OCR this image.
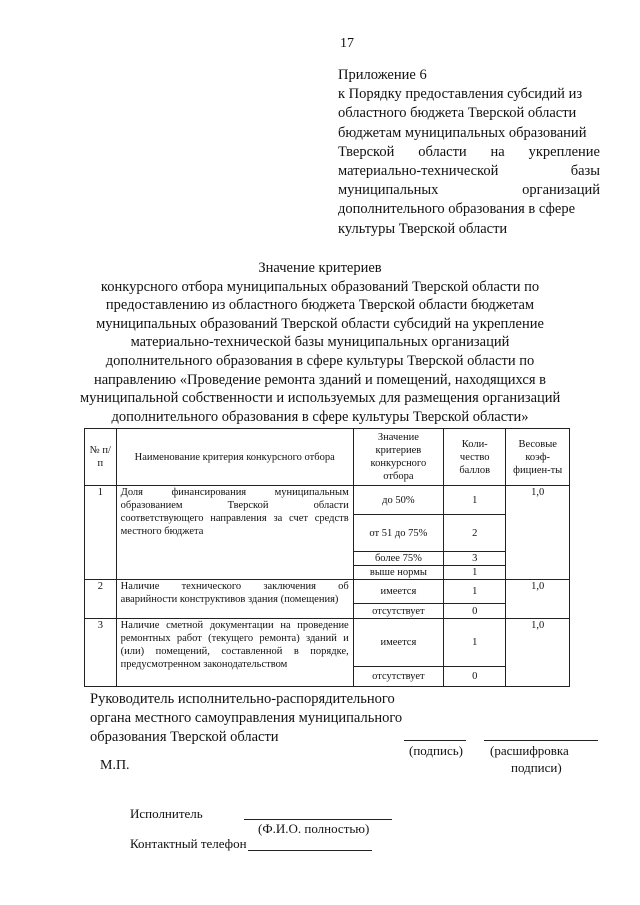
17
Приложение 6
к Порядку предоставления субсидий из
областного бюджета Тверской области
бюджетам муниципальных образований
Тверской области на укрепление
материально-технической	базы
муниципальных	организаций
дополнительного образования в сфере
культуры Тверской области
Значение критериев
конкурсного отбора муниципальных образований Тверской области по
предоставлению из областного бюджета Тверской области бюджетам
муниципальных образований Тверской области субсидий на укрепление
материально-технической базы муниципальных организаций
дополнительного образования в сфере культуры Тверской области по
направлению «Проведение ремонта зданий и помещений, находящихся в
муниципальной собственности и используемых для размещения организаций
дополнительного образования в сфере культуры Тверской области»
№ п/п	Наименование критерия конкурсного отбора	Значение критериев конкурсного отбора	Коли-чество баллов	Весовые коэф-фициен-ты
1	Доля финансирования муниципальным образованием Тверской области соответствующего направления за счет средств местного бюджета	до 50%	1	1,0
		от 51 до 75%	2	
		более 75%	3	
		выше нормы	1	
2	Наличие технического заключения об аварийности конструктивов здания (помещения)	имеется	1	1,0
		отсутствует	0	
3	Наличие сметной документации на проведение ремонтных работ (текущего ремонта) зданий и (или) помещений, составленной в порядке, предусмотренном законодательством	имеется	1	1,0
		отсутствует	0	
Руководитель исполнительно-распорядительного
органа местного самоуправления муниципального
образования Тверской области
(подпись) (расшифровка
подписи)
М.П.
Исполнитель
(Ф.И.О. полностью)
Контактный телефон
